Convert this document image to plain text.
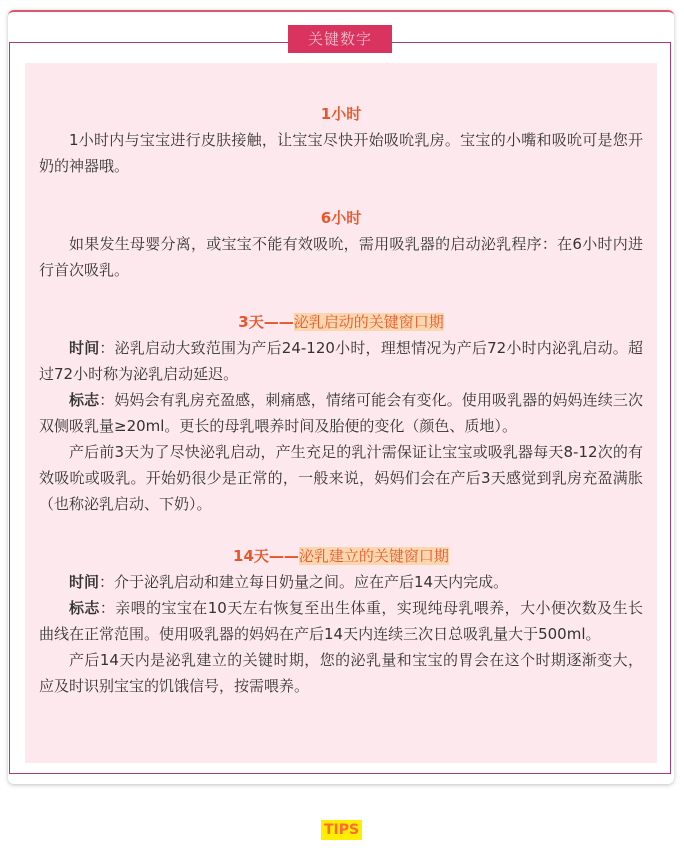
关键数字
1小时

1小时内与宝宝进行皮肤接触，让宝宝尽快开始吸吮乳房。宝宝的小嘴和吸吮可是您开奶的神器哦。

6小时

如果发生母婴分离，或宝宝不能有效吸吮，需用吸乳器的启动泌乳程序：在6小时内进行首次吸乳。

3天——泌乳启动的关键窗口期

时间：泌乳启动大致范围为产后24-120小时，理想情况为产后72小时内泌乳启动。超过72小时称为泌乳启动延迟。

标志：妈妈会有乳房充盈感，刺痛感，情绪可能会有变化。使用吸乳器的妈妈连续三次双侧吸乳量≥20ml。更长的母乳喂养时间及胎便的变化（颜色、质地）。

产后前3天为了尽快泌乳启动，产生充足的乳汁需保证让宝宝或吸乳器每天8-12次的有效吸吮或吸乳。开始奶很少是正常的，一般来说，妈妈们会在产后3天感觉到乳房充盈满胀（也称泌乳启动、下奶）。

14天——泌乳建立的关键窗口期

时间：介于泌乳启动和建立每日奶量之间。应在产后14天内完成。

标志：亲喂的宝宝在10天左右恢复至出生体重，实现纯母乳喂养，大小便次数及生长曲线在正常范围。使用吸乳器的妈妈在产后14天内连续三次日总吸乳量大于500ml。

产后14天内是泌乳建立的关键时期，您的泌乳量和宝宝的胃会在这个时期逐渐变大，应及时识别宝宝的饥饿信号，按需喂养。

TIPS
